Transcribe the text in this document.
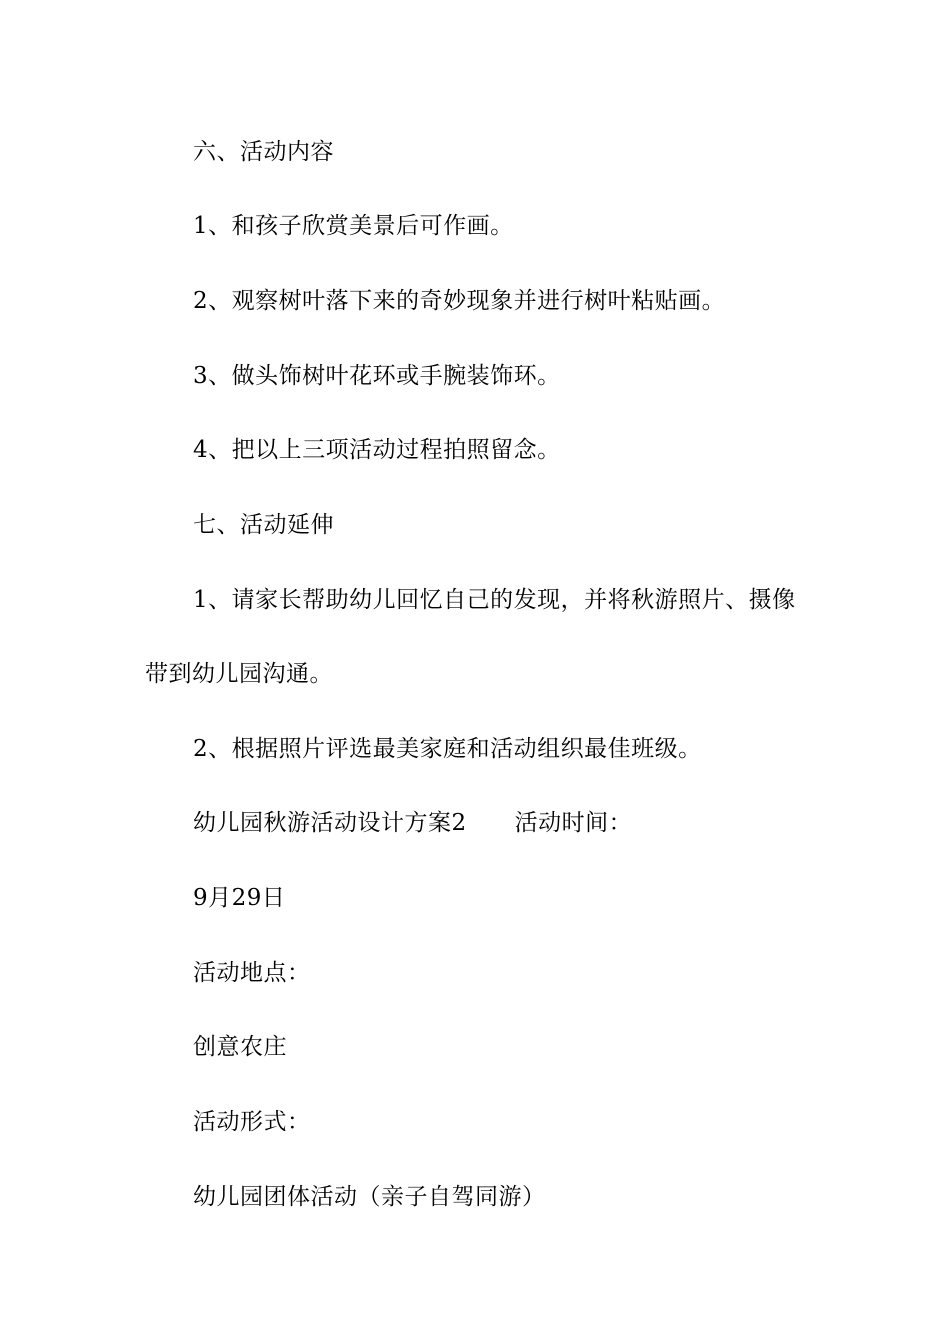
六、活动内容
1、和孩子欣赏美景后可作画。
2、观察树叶落下来的奇妙现象并进行树叶粘贴画。
3、做头饰树叶花环或手腕装饰环。
4、把以上三项活动过程拍照留念。
七、活动延伸
1、请家长帮助幼儿回忆自己的发现，并将秋游照片、摄像
带到幼儿园沟通。
2、根据照片评选最美家庭和活动组织最佳班级。
幼儿园秋游活动设计方案2 活动时间：
9月29日
活动地点：
创意农庄
活动形式：
幼儿园团体活动（亲子自驾同游）
